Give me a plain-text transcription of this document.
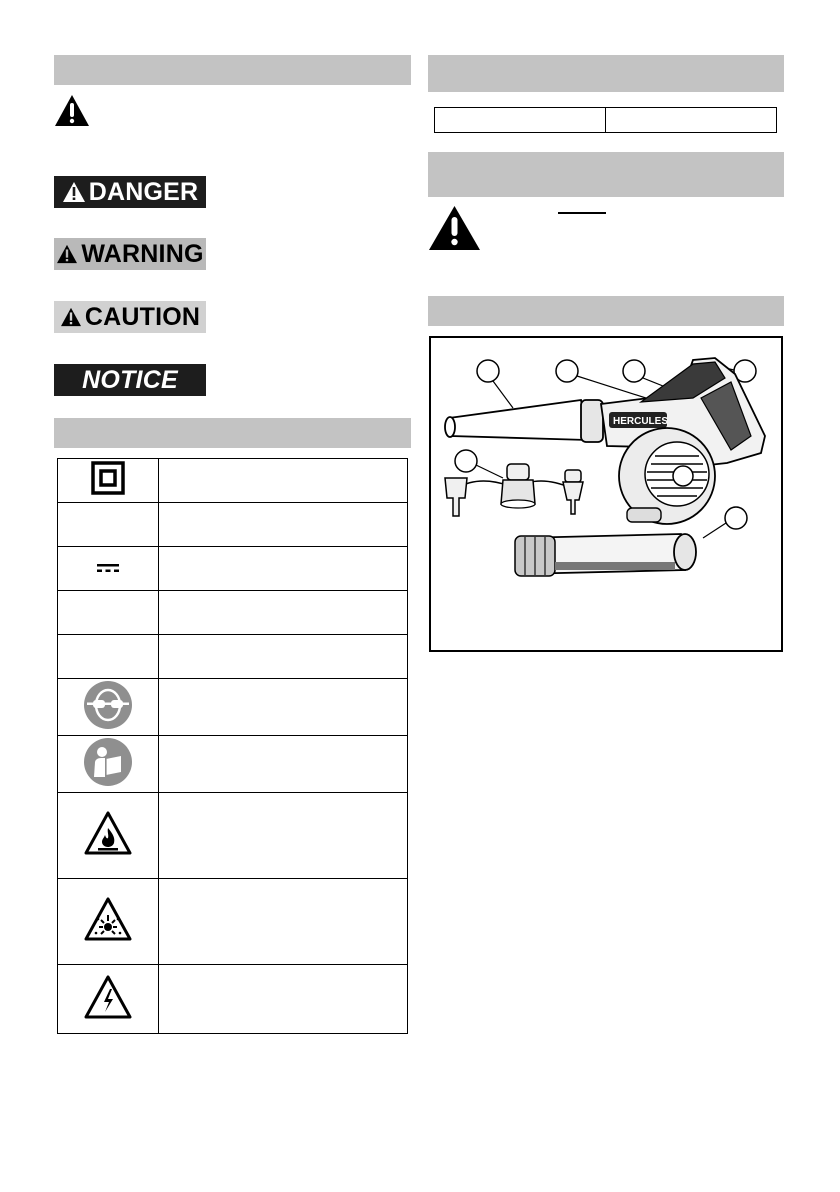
DANGER
WARNING
CAUTION
NOTICE

HERCULES
